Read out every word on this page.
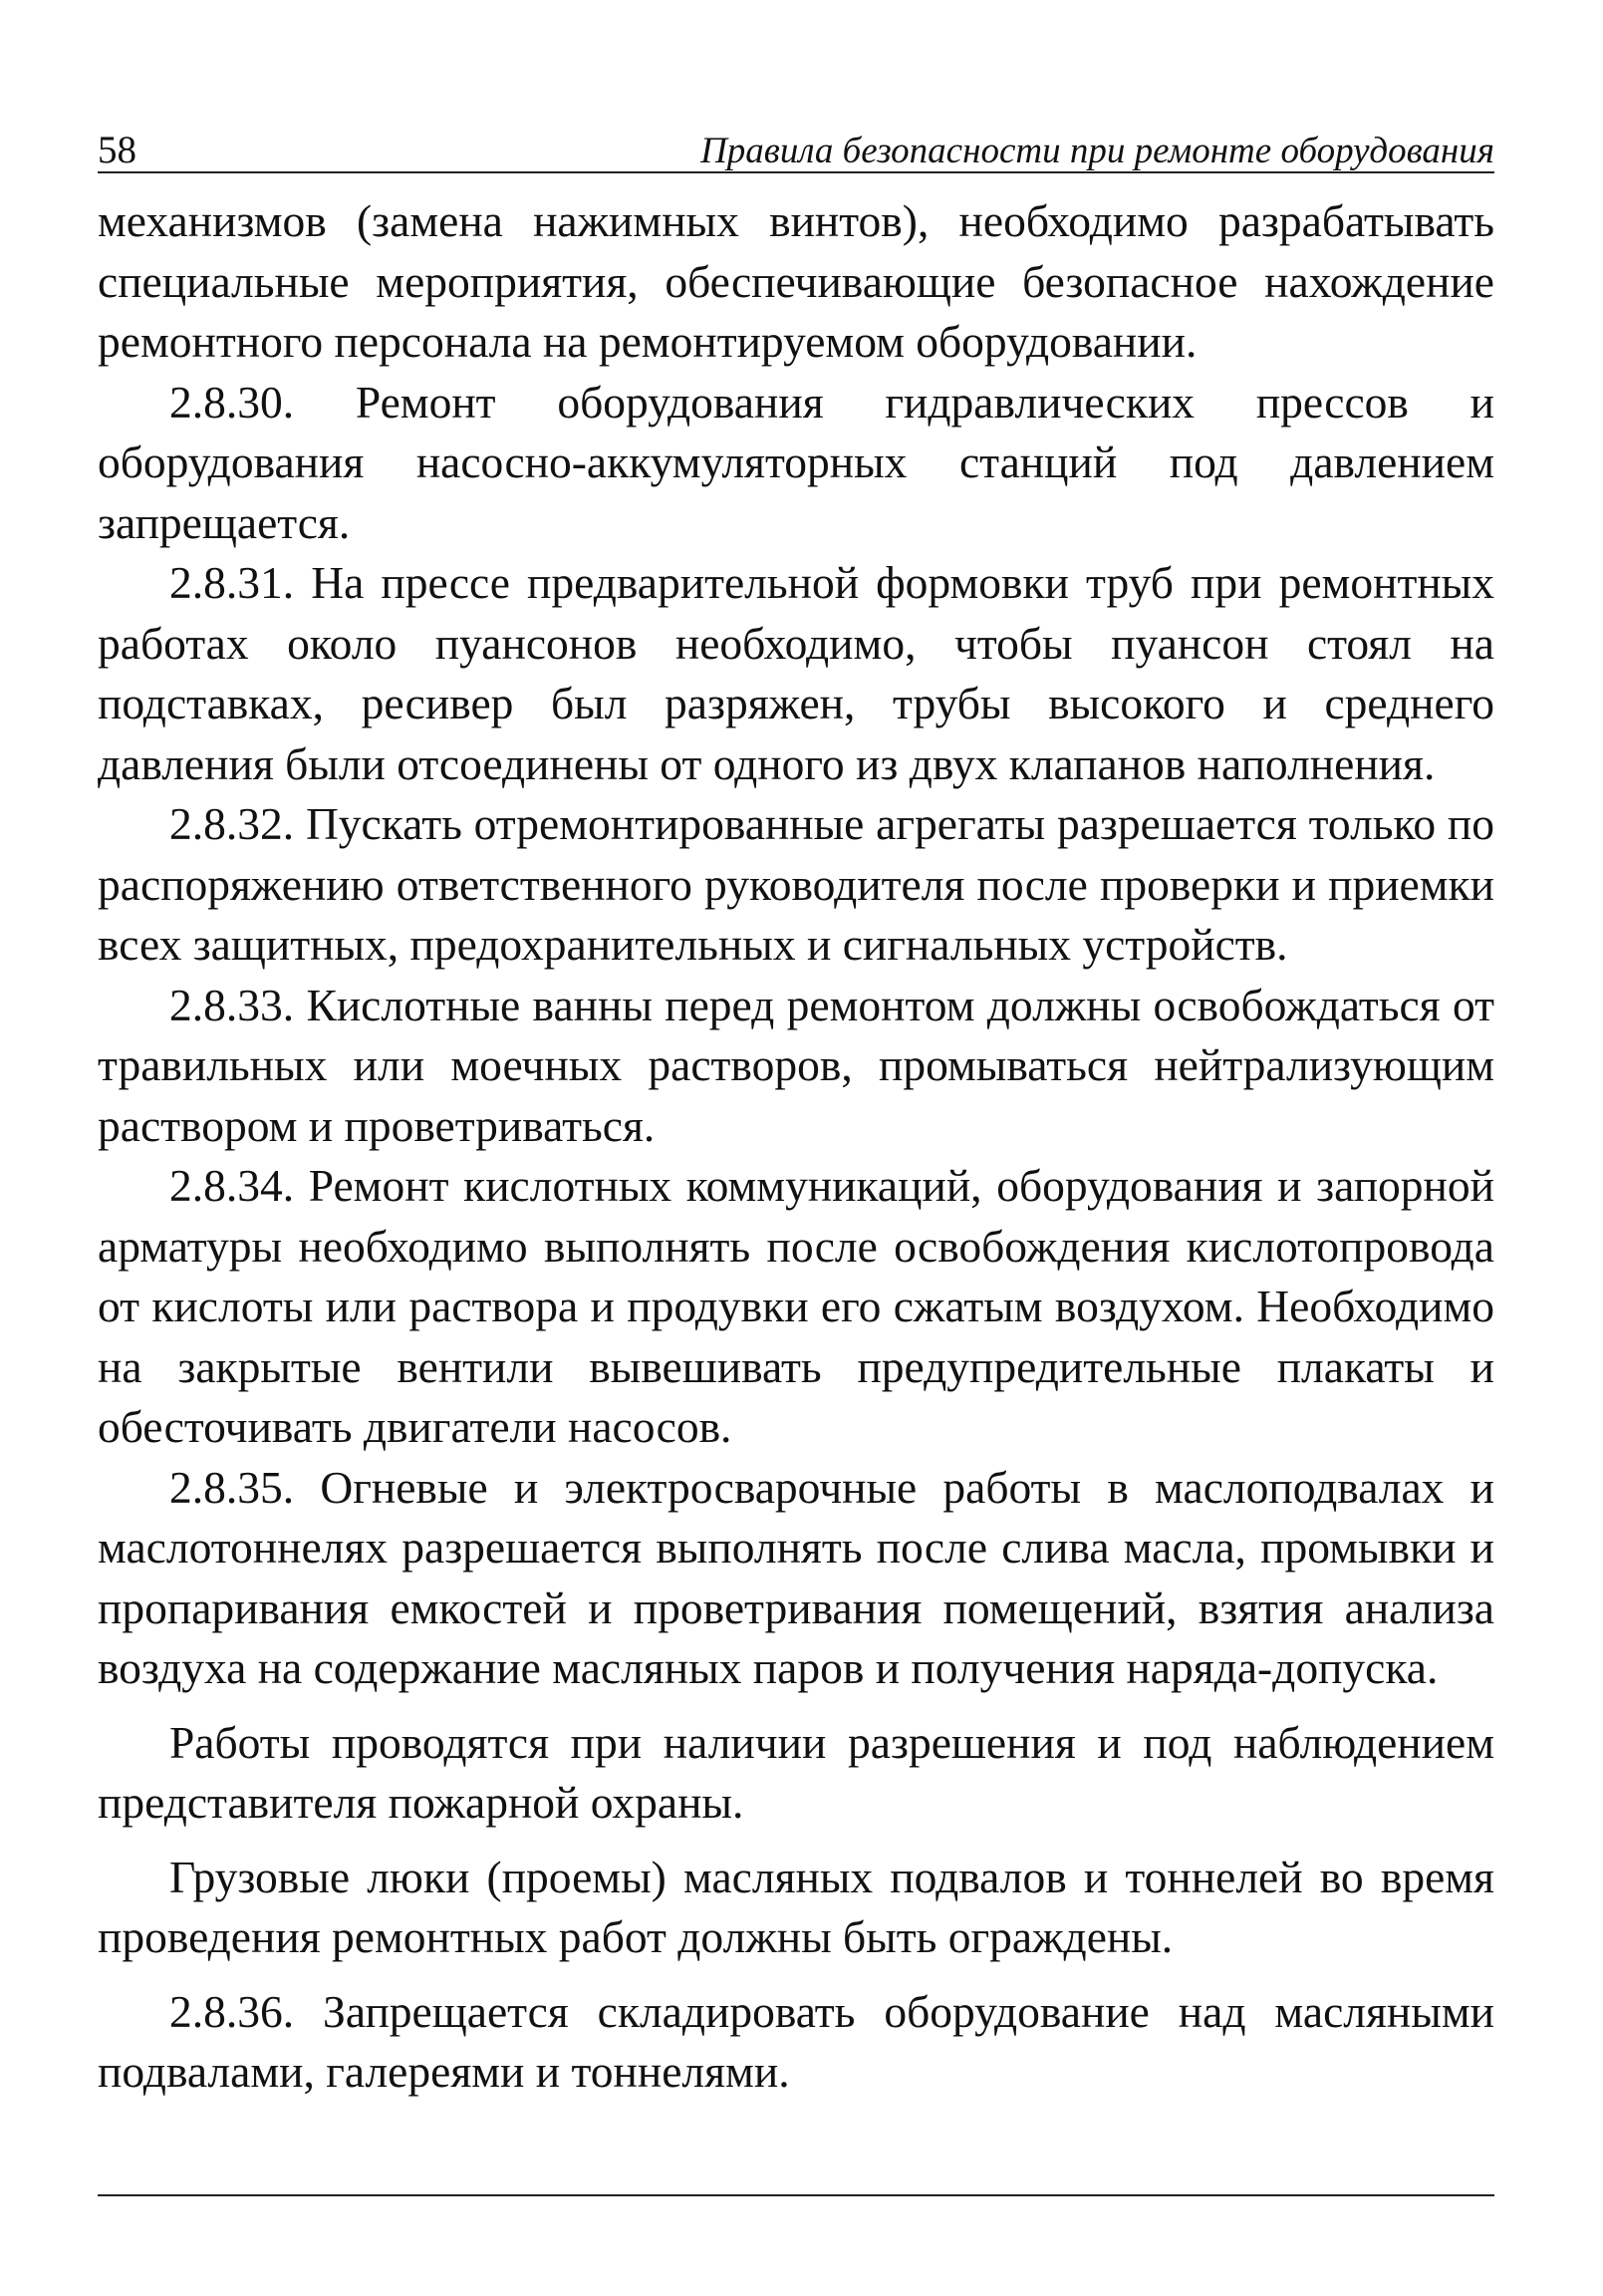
58	Правила безопасности при ремонте оборудования

механизмов (замена нажимных винтов), необходимо разрабатывать специальные мероприятия, обеспечивающие безопасное нахождение ремонтного персонала на ремонтируемом оборудовании.

2.8.30. Ремонт оборудования гидравлических прессов и оборудования насосно-аккумуляторных станций под давлением запрещается.

2.8.31. На прессе предварительной формовки труб при ремонтных работах около пуансонов необходимо, чтобы пуансон стоял на подставках, ресивер был разряжен, трубы высокого и среднего давления были отсоединены от одного из двух клапанов наполнения.

2.8.32. Пускать отремонтированные агрегаты разрешается только по распоряжению ответственного руководителя после проверки и приемки всех защитных, предохранительных и сигнальных устройств.

2.8.33. Кислотные ванны перед ремонтом должны освобождаться от травильных или моечных растворов, промываться нейтрализующим раствором и проветриваться.

2.8.34. Ремонт кислотных коммуникаций, оборудования и запорной арматуры необходимо выполнять после освобождения кислотопровода от кислоты или раствора и продувки его сжатым воздухом. Необходимо на закрытые вентили вывешивать предупредительные плакаты и обесточивать двигатели насосов.

2.8.35. Огневые и электросварочные работы в маслоподвалах и маслотоннелях разрешается выполнять после слива масла, промывки и пропаривания емкостей и проветривания помещений, взятия анализа воздуха на содержание масляных паров и получения наряда-допуска.

Работы проводятся при наличии разрешения и под наблюдением представителя пожарной охраны.

Грузовые люки (проемы) масляных подвалов и тоннелей во время проведения ремонтных работ должны быть ограждены.

2.8.36. Запрещается складировать оборудование над масляными подвалами, галереями и тоннелями.
